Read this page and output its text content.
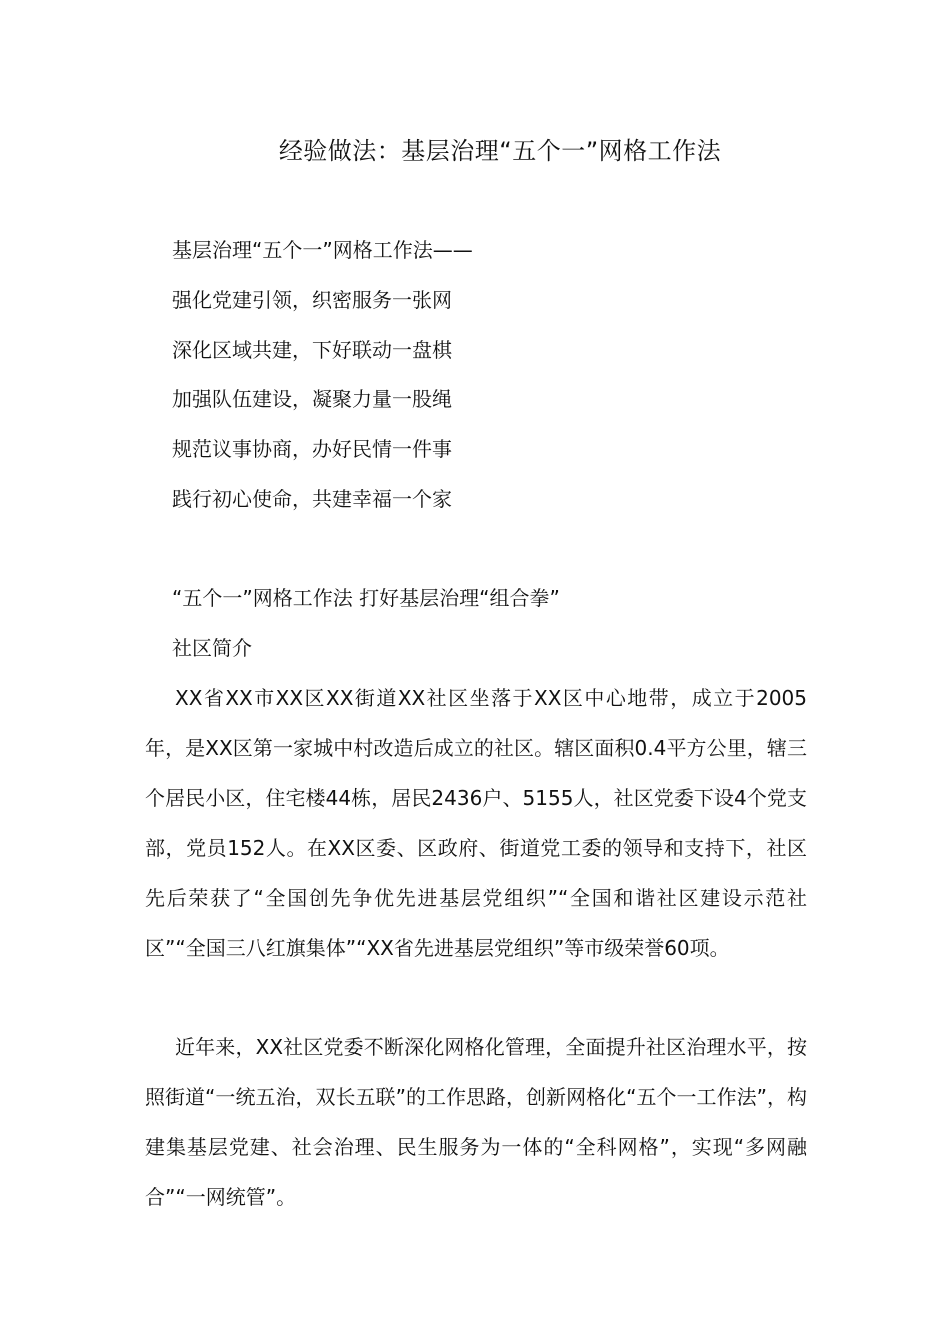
经验做法：基层治理“五个一”网格工作法
基层治理“五个一”网格工作法——
强化党建引领，织密服务一张网
深化区域共建，下好联动一盘棋
加强队伍建设，凝聚力量一股绳
规范议事协商，办好民情一件事
践行初心使命，共建幸福一个家
“五个一”网格工作法 打好基层治理“组合拳”
社区简介

XX省XX市XX区XX街道XX社区坐落于XX区中心地带，成立于2005年，是XX区第一家城中村改造后成立的社区。辖区面积0.4平方公里，辖三个居民小区，住宅楼44栋，居民2436户、5155人，社区党委下设4个党支部，党员152人。在XX区委、区政府、街道党工委的领导和支持下，社区先后荣获了“全国创先争优先进基层党组织”“全国和谐社区建设示范社区”“全国三八红旗集体”“XX省先进基层党组织”等市级荣誉60项。

近年来，XX社区党委不断深化网格化管理，全面提升社区治理水平，按照街道“一统五治，双长五联”的工作思路，创新网格化“五个一工作法”，构建集基层党建、社会治理、民生服务为一体的“全科网格”，实现“多网融合”“一网统管”。
